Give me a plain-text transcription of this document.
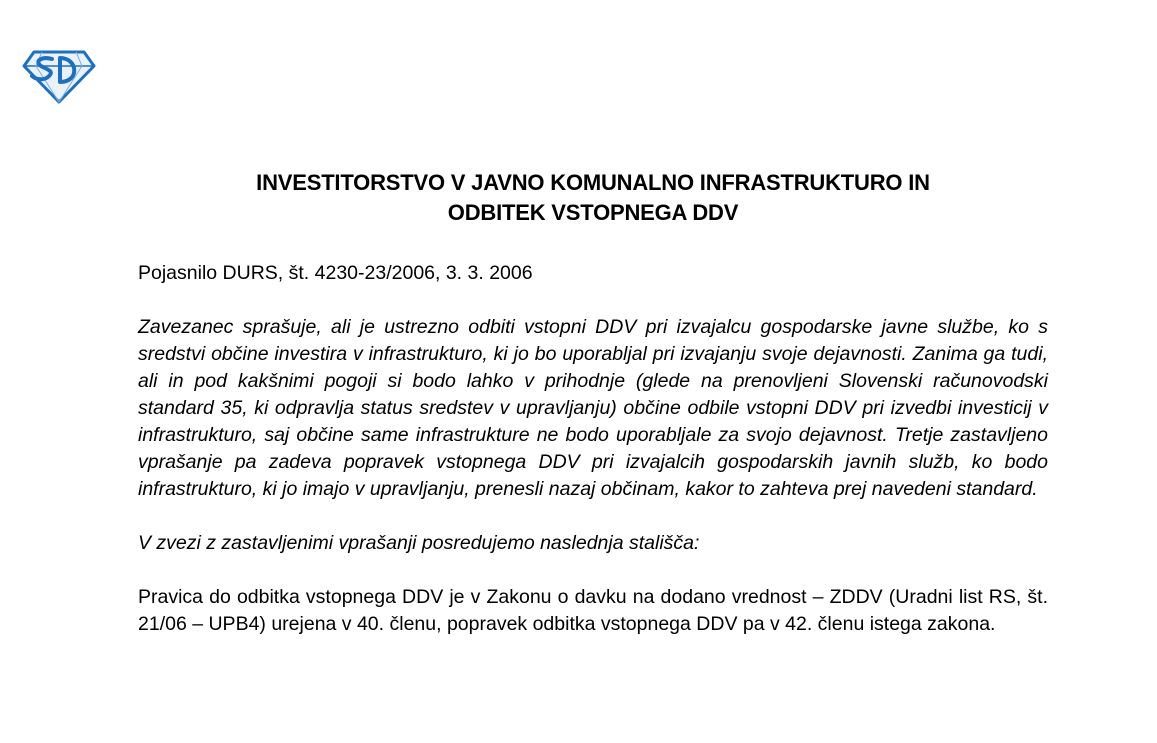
INVESTITORSTVO V JAVNO KOMUNALNO INFRASTRUKTURO IN
ODBITEK VSTOPNEGA DDV

Pojasnilo DURS, št. 4230-23/2006, 3. 3. 2006

Zavezanec sprašuje, ali je ustrezno odbiti vstopni DDV pri izvajalcu gospodarske javne službe, ko s sredstvi občine investira v infrastrukturo, ki jo bo uporabljal pri izvajanju svoje dejavnosti. Zanima ga tudi, ali in pod kakšnimi pogoji si bodo lahko v prihodnje (glede na prenovljeni Slovenski računovodski standard 35, ki odpravlja status sredstev v upravljanju) občine odbile vstopni DDV pri izvedbi investicij v infrastrukturo, saj občine same infrastrukture ne bodo uporabljale za svojo dejavnost. Tretje zastavljeno vprašanje pa zadeva popravek vstopnega DDV pri izvajalcih gospodarskih javnih služb, ko bodo infrastrukturo, ki jo imajo v upravljanju, prenesli nazaj občinam, kakor to zahteva prej navedeni standard.

V zvezi z zastavljenimi vprašanji posredujemo naslednja stališča:

Pravica do odbitka vstopnega DDV je v Zakonu o davku na dodano vrednost – ZDDV (Uradni list RS, št. 21/06 – UPB4) urejena v 40. členu, popravek odbitka vstopnega DDV pa v 42. členu istega zakona.
